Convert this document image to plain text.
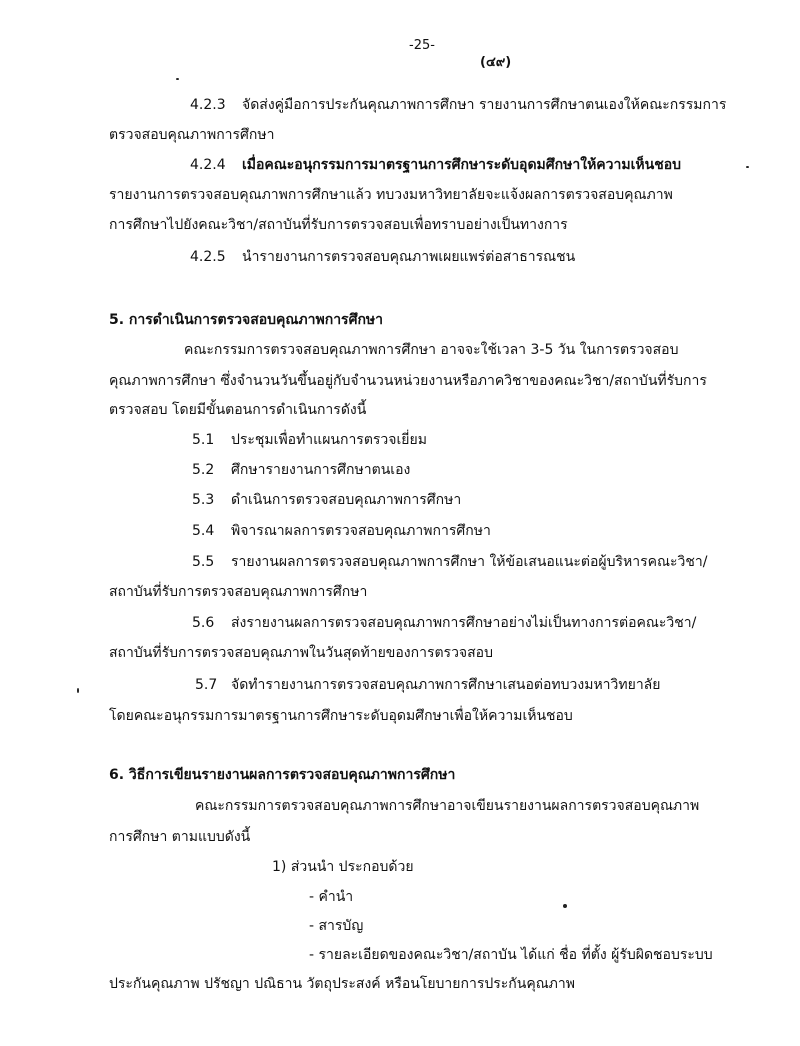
-25-
(๔๙)
4.2.3 จัดส่งคู่มือการประกันคุณภาพการศึกษา รายงานการศึกษาตนเองให้คณะกรรมการ
ตรวจสอบคุณภาพการศึกษา
4.2.4 เมื่อคณะอนุกรรมการมาตรฐานการศึกษาระดับอุดมศึกษาให้ความเห็นชอบ
รายงานการตรวจสอบคุณภาพการศึกษาแล้ว ทบวงมหาวิทยาลัยจะแจ้งผลการตรวจสอบคุณภาพ
การศึกษาไปยังคณะวิชา/สถาบันที่รับการตรวจสอบเพื่อทราบอย่างเป็นทางการ
4.2.5 นำรายงานการตรวจสอบคุณภาพเผยแพร่ต่อสาธารณชน
5. การดำเนินการตรวจสอบคุณภาพการศึกษา
คณะกรรมการตรวจสอบคุณภาพการศึกษา อาจจะใช้เวลา 3-5 วัน ในการตรวจสอบ
คุณภาพการศึกษา ซึ่งจำนวนวันขึ้นอยู่กับจำนวนหน่วยงานหรือภาควิชาของคณะวิชา/สถาบันที่รับการ
ตรวจสอบ โดยมีขั้นตอนการดำเนินการดังนี้
5.1 ประชุมเพื่อทำแผนการตรวจเยี่ยม
5.2 ศึกษารายงานการศึกษาตนเอง
5.3 ดำเนินการตรวจสอบคุณภาพการศึกษา
5.4 พิจารณาผลการตรวจสอบคุณภาพการศึกษา
5.5 รายงานผลการตรวจสอบคุณภาพการศึกษา ให้ข้อเสนอแนะต่อผู้บริหารคณะวิชา/
สถาบันที่รับการตรวจสอบคุณภาพการศึกษา
5.6 ส่งรายงานผลการตรวจสอบคุณภาพการศึกษาอย่างไม่เป็นทางการต่อคณะวิชา/
สถาบันที่รับการตรวจสอบคุณภาพในวันสุดท้ายของการตรวจสอบ
5.7 จัดทำรายงานการตรวจสอบคุณภาพการศึกษาเสนอต่อทบวงมหาวิทยาลัย
โดยคณะอนุกรรมการมาตรฐานการศึกษาระดับอุดมศึกษาเพื่อให้ความเห็นชอบ
6. วิธีการเขียนรายงานผลการตรวจสอบคุณภาพการศึกษา
คณะกรรมการตรวจสอบคุณภาพการศึกษาอาจเขียนรายงานผลการตรวจสอบคุณภาพ
การศึกษา ตามแบบดังนี้
1) ส่วนนำ ประกอบด้วย
- คำนำ
- สารบัญ
- รายละเอียดของคณะวิชา/สถาบัน ได้แก่ ชื่อ ที่ตั้ง ผู้รับผิดชอบระบบ
ประกันคุณภาพ ปรัชญา ปณิธาน วัตถุประสงค์ หรือนโยบายการประกันคุณภาพ
